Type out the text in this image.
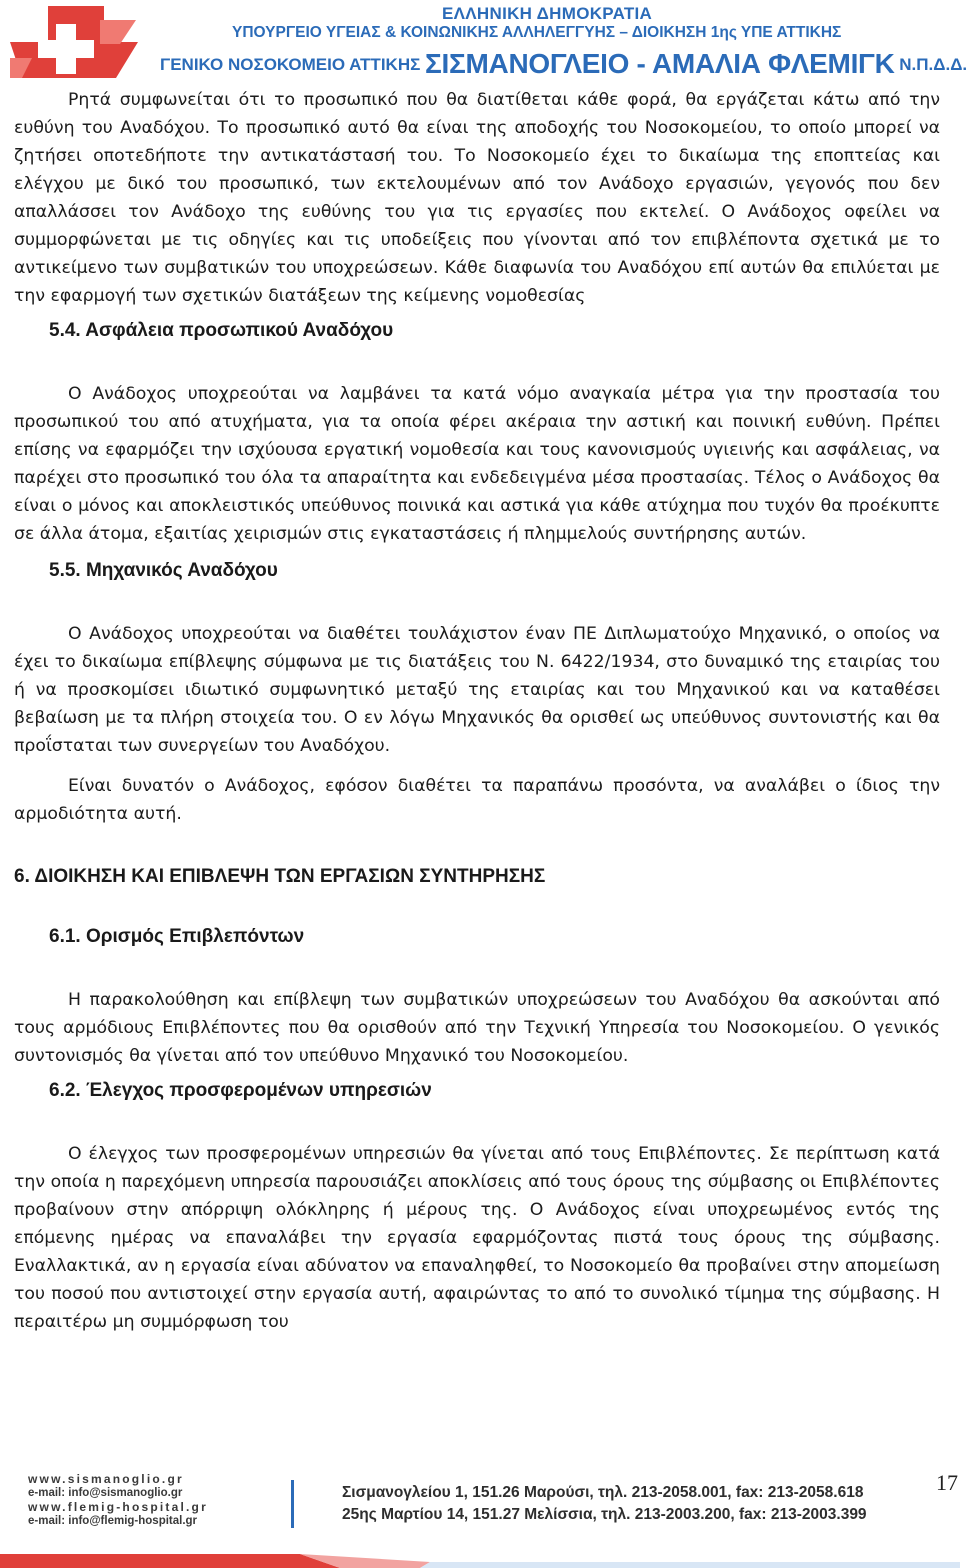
ΕΛΛΗΝΙΚΗ ΔΗΜΟΚΡΑΤΙΑ
ΥΠΟΥΡΓΕΙΟ ΥΓΕΙΑΣ & ΚΟΙΝΩΝΙΚΗΣ ΑΛΛΗΛΕΓΓΥΗΣ – ΔΙΟΙΚΗΣΗ 1ης ΥΠΕ ΑΤΤΙΚΗΣ
ΓΕΝΙΚΟ ΝΟΣΟΚΟΜΕΙΟ ΑΤΤΙΚΗΣ ΣΙΣΜΑΝΟΓΛΕΙΟ - ΑΜΑΛΙΑ ΦΛΕΜΙΓΚ Ν.Π.Δ.Δ.

Ρητά συμφωνείται ότι το προσωπικό που θα διατίθεται κάθε φορά, θα εργάζεται κάτω από την ευθύνη του Αναδόχου. Το προσωπικό αυτό θα είναι της αποδοχής του Νοσοκομείου, το οποίο μπορεί να ζητήσει οποτεδήποτε την αντικατάστασή του. Το Νοσοκομείο έχει το δικαίωμα της εποπτείας και ελέγχου με δικό του προσωπικό, των εκτελουμένων από τον Ανάδοχο εργασιών, γεγονός που δεν απαλλάσσει τον Ανάδοχο της ευθύνης του για τις εργασίες που εκτελεί. Ο Ανάδοχος οφείλει να συμμορφώνεται με τις οδηγίες και τις υποδείξεις που γίνονται από τον επιβλέποντα σχετικά με το αντικείμενο των συμβατικών του υποχρεώσεων. Κάθε διαφωνία του Αναδόχου επί αυτών θα επιλύεται με την εφαρμογή των σχετικών διατάξεων της κείμενης νομοθεσίας

5.4. Ασφάλεια προσωπικού Αναδόχου

Ο Ανάδοχος υποχρεούται να λαμβάνει τα κατά νόμο αναγκαία μέτρα για την προστασία του προσωπικού του από ατυχήματα, για τα οποία φέρει ακέραια την αστική και ποινική ευθύνη. Πρέπει επίσης να εφαρμόζει την ισχύουσα εργατική νομοθεσία και τους κανονισμούς υγιεινής και ασφάλειας, να παρέχει στο προσωπικό του όλα τα απαραίτητα και ενδεδειγμένα μέσα προστασίας. Τέλος ο Ανάδοχος θα είναι ο μόνος και αποκλειστικός υπεύθυνος ποινικά και αστικά για κάθε ατύχημα που τυχόν θα προέκυπτε σε άλλα άτομα, εξαιτίας χειρισμών στις εγκαταστάσεις ή πλημμελούς συντήρησης αυτών.

5.5. Μηχανικός Αναδόχου

Ο Ανάδοχος υποχρεούται να διαθέτει τουλάχιστον έναν ΠΕ Διπλωματούχο Μηχανικό, ο οποίος να έχει το δικαίωμα επίβλεψης σύμφωνα με τις διατάξεις του Ν. 6422/1934, στο δυναμικό της εταιρίας του ή να προσκομίσει ιδιωτικό συμφωνητικό μεταξύ της εταιρίας και του Μηχανικού και να καταθέσει βεβαίωση με τα πλήρη στοιχεία του. Ο εν λόγω Μηχανικός θα ορισθεί ως υπεύθυνος συντονιστής και θα προΐσταται των συνεργείων του Αναδόχου.

Είναι δυνατόν ο Ανάδοχος, εφόσον διαθέτει τα παραπάνω προσόντα, να αναλάβει ο ίδιος την αρμοδιότητα αυτή.

6. ΔΙΟΙΚΗΣΗ ΚΑΙ ΕΠΙΒΛΕΨΗ ΤΩΝ ΕΡΓΑΣΙΩΝ ΣΥΝΤΗΡΗΣΗΣ
6.1. Ορισμός Επιβλεπόντων

Η παρακολούθηση και επίβλεψη των συμβατικών υποχρεώσεων του Αναδόχου θα ασκούνται από τους αρμόδιους Επιβλέποντες που θα ορισθούν από την Τεχνική Υπηρεσία του Νοσοκομείου. Ο γενικός συντονισμός θα γίνεται από τον υπεύθυνο Μηχανικό του Νοσοκομείου.

6.2. Έλεγχος προσφερομένων υπηρεσιών

Ο έλεγχος των προσφερομένων υπηρεσιών θα γίνεται από τους Επιβλέποντες. Σε περίπτωση κατά την οποία η παρεχόμενη υπηρεσία παρουσιάζει αποκλίσεις από τους όρους της σύμβασης οι Επιβλέποντες προβαίνουν στην απόρριψη ολόκληρης ή μέρους της. Ο Ανάδοχος είναι υποχρεωμένος εντός της επόμενης ημέρας να επαναλάβει την εργασία εφαρμόζοντας πιστά τους όρους της σύμβασης. Εναλλακτικά, αν η εργασία είναι αδύνατον να επαναληφθεί, το Νοσοκομείο θα προβαίνει στην απομείωση του ποσού που αντιστοιχεί στην εργασία αυτή, αφαιρώντας το από το συνολικό τίμημα της σύμβασης. Η περαιτέρω μη συμμόρφωση του

www.sismanoglio.gr
e-mail: info@sismanoglio.gr
www.flemig-hospital.gr
e-mail: info@flemig-hospital.gr
Σισμανογλείου 1, 151.26 Μαρούσι, τηλ. 213-2058.001, fax: 213-2058.618
25ης Μαρτίου 14, 151.27 Μελίσσια, τηλ. 213-2003.200, fax: 213-2003.399
17
